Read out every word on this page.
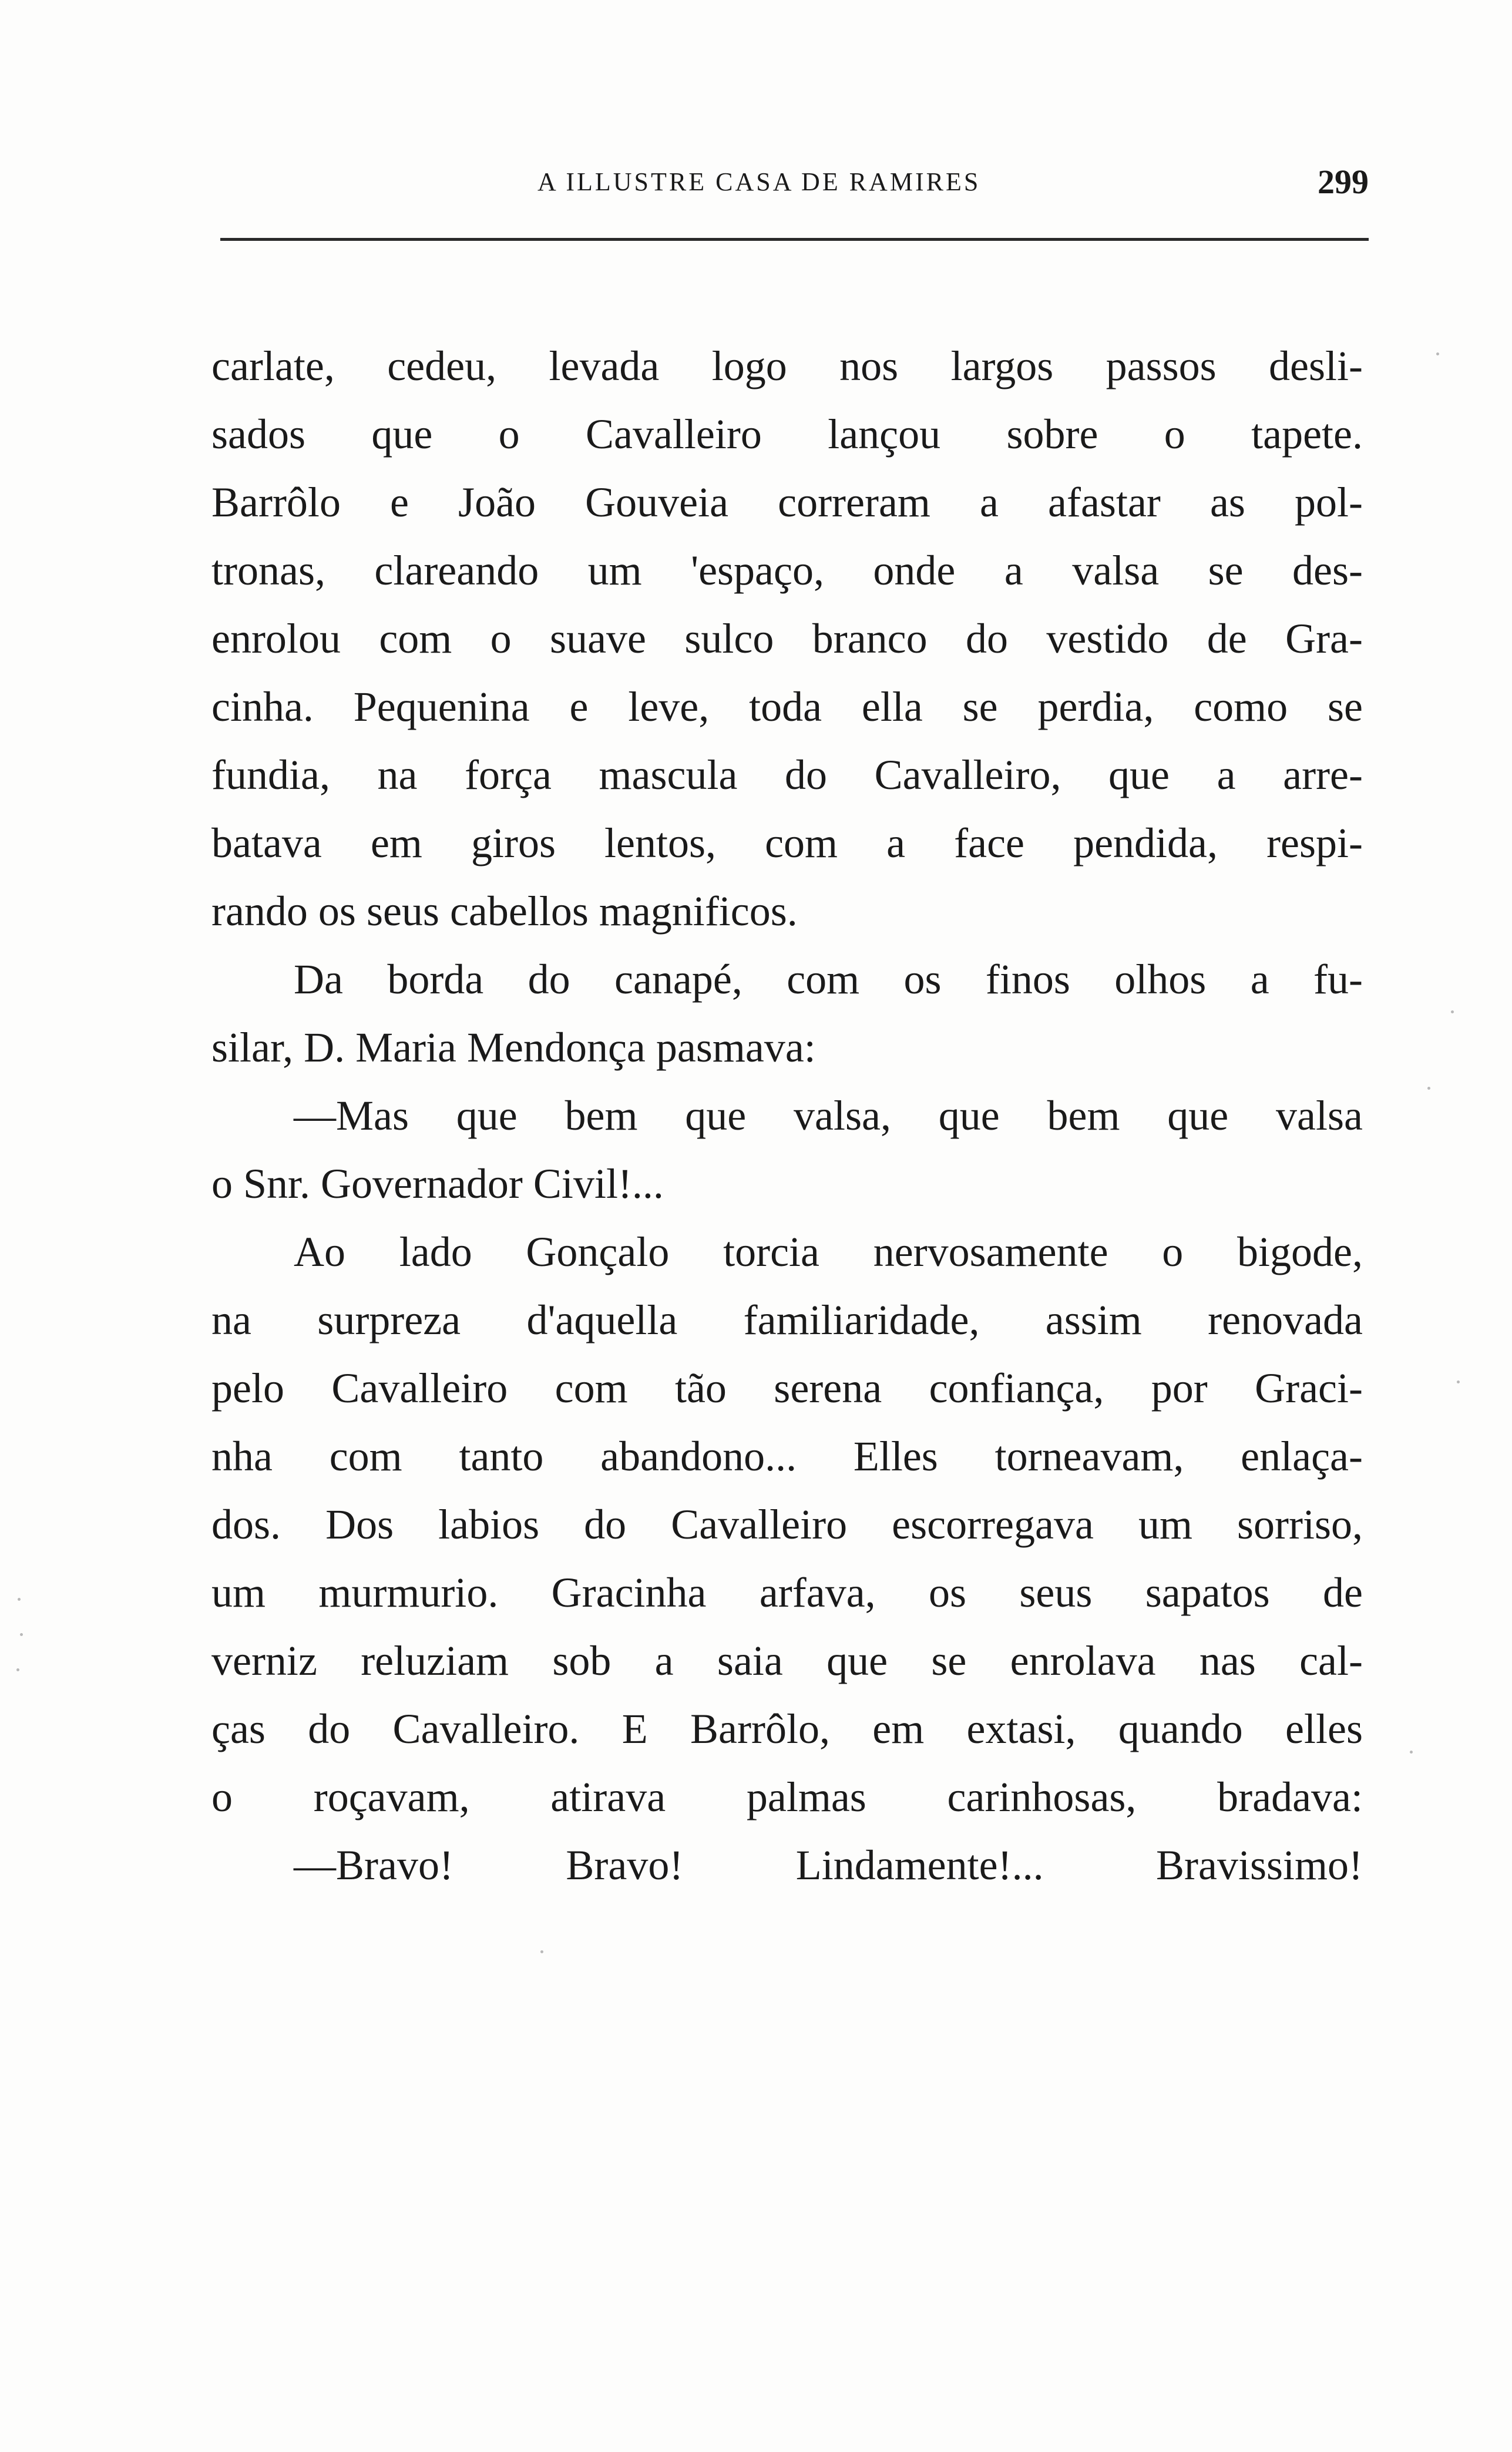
A ILLUSTRE CASA DE RAMIRES	299
carlate, cedeu, levada logo nos largos passos desli-
sados que o Cavalleiro lançou sobre o tapete.
Barrôlo e João Gouveia correram a afastar as pol-
tronas, clareando um 'espaço, onde a valsa se des-
enrolou com o suave sulco branco do vestido de Gra-
cinha. Pequenina e leve, toda ella se perdia, como se
fundia, na força mascula do Cavalleiro, que a arre-
batava em giros lentos, com a face pendida, respi-
rando os seus cabellos magnificos.
Da borda do canapé, com os finos olhos a fu-
silar, D. Maria Mendonça pasmava:
—Mas que bem que valsa, que bem que valsa
o Snr. Governador Civil!...
Ao lado Gonçalo torcia nervosamente o bigode,
na surpreza d'aquella familiaridade, assim renovada
pelo Cavalleiro com tão serena confiança, por Graci-
nha com tanto abandono... Elles torneavam, enlaça-
dos. Dos labios do Cavalleiro escorregava um sorriso,
um murmurio. Gracinha arfava, os seus sapatos de
verniz reluziam sob a saia que se enrolava nas cal-
ças do Cavalleiro. E Barrôlo, em extasi, quando elles
o roçavam, atirava palmas carinhosas, bradava:
—Bravo! Bravo! Lindamente!... Bravissimo!
